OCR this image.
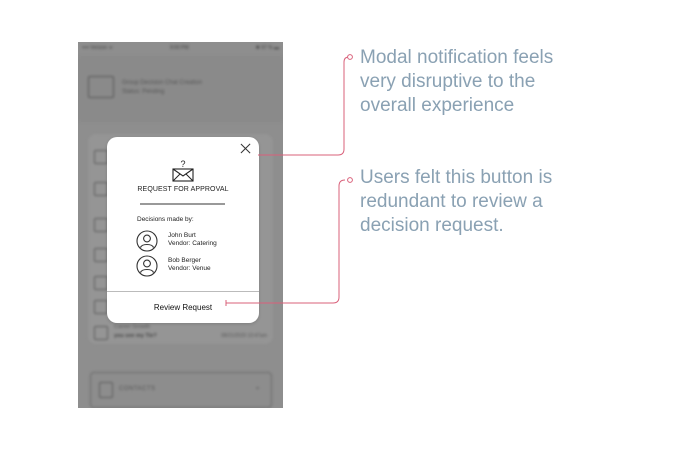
•••• Verizon ᯤ	9:00 PM	✱ 97 % ▬
Group Decision Chat Creation
Status: Pending
Career Growth
you see my Tie?	08/21/2020 10:47am
CONTACTS	⌄
?
REQUEST FOR APPROVAL
Decisions made by:
John Burt
Vendor: Catering
Bob Berger
Vendor: Venue
Review Request
Modal notification feels
very disruptive to the
overall experience
Users felt this button is
redundant to review a
decision request.
